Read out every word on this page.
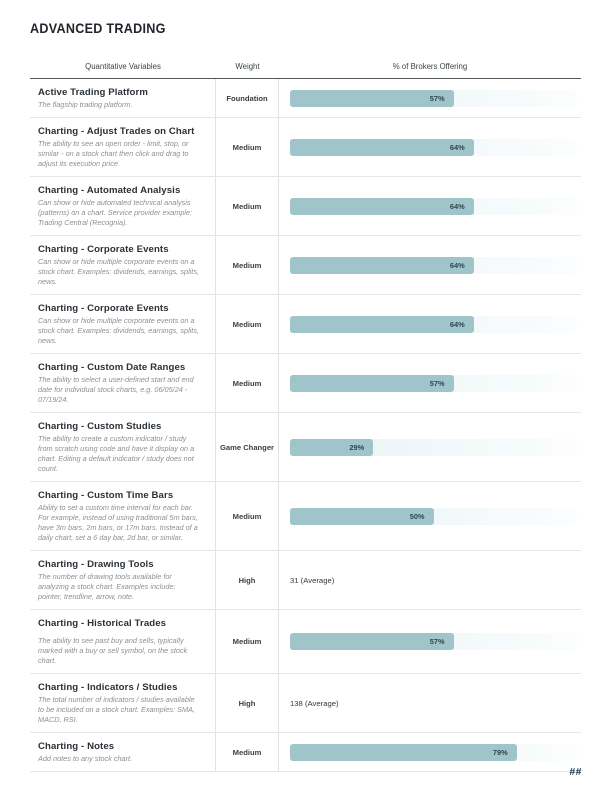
ADVANCED TRADING
Quantitative Variables	Weight	% of Brokers Offering
Active Trading Platform
The flagship trading platform.
Foundation	57%
Charting - Adjust Trades on Chart
The ability to see an open order - limit, stop, or similar - on a stock chart then click and drag to adjust its execution price.
Medium	64%
Charting - Automated Analysis
Can show or hide automated technical analysis (patterns) on a chart. Service provider example: Trading Central (Recognia).
Medium	64%
Charting - Corporate Events
Can show or hide multiple corporate events on a stock chart. Examples: dividends, earnings, splits, news.
Medium	64%
Charting - Corporate Events
Can show or hide multiple corporate events on a stock chart. Examples: dividends, earnings, splits, news.
Medium	64%
Charting - Custom Date Ranges
The ability to select a user-defined start and end date for individual stock charts, e.g. 06/05/24 - 07/19/24.
Medium	57%
Charting - Custom Studies
The ability to create a custom indicator / study from scratch using code and have it display on a chart. Editing a default indicator / study does not count.
Game Changer	29%
Charting - Custom Time Bars
Ability to set a custom time interval for each bar. For example, instead of using traditional 5m bars, have 3m bars, 2m bars, or 17m bars. Instead of a daily chart, set a 6 day bar, 2d bar, or similar.
Medium	50%
Charting - Drawing Tools
The number of drawing tools available for analyzing a stock chart. Examples include: pointer, trendline, arrow, note.
High	31 (Average)
Charting - Historical Trades
The ability to see past buy and sells, typically marked with a buy or sell symbol, on the stock chart.
Medium	57%
Charting - Indicators / Studies
The total number of indicators / studies available to be included on a stock chart. Examples: SMA, MACD, RSI.
High	138 (Average)
Charting - Notes
Add notes to any stock chart.
Medium	79%
##
